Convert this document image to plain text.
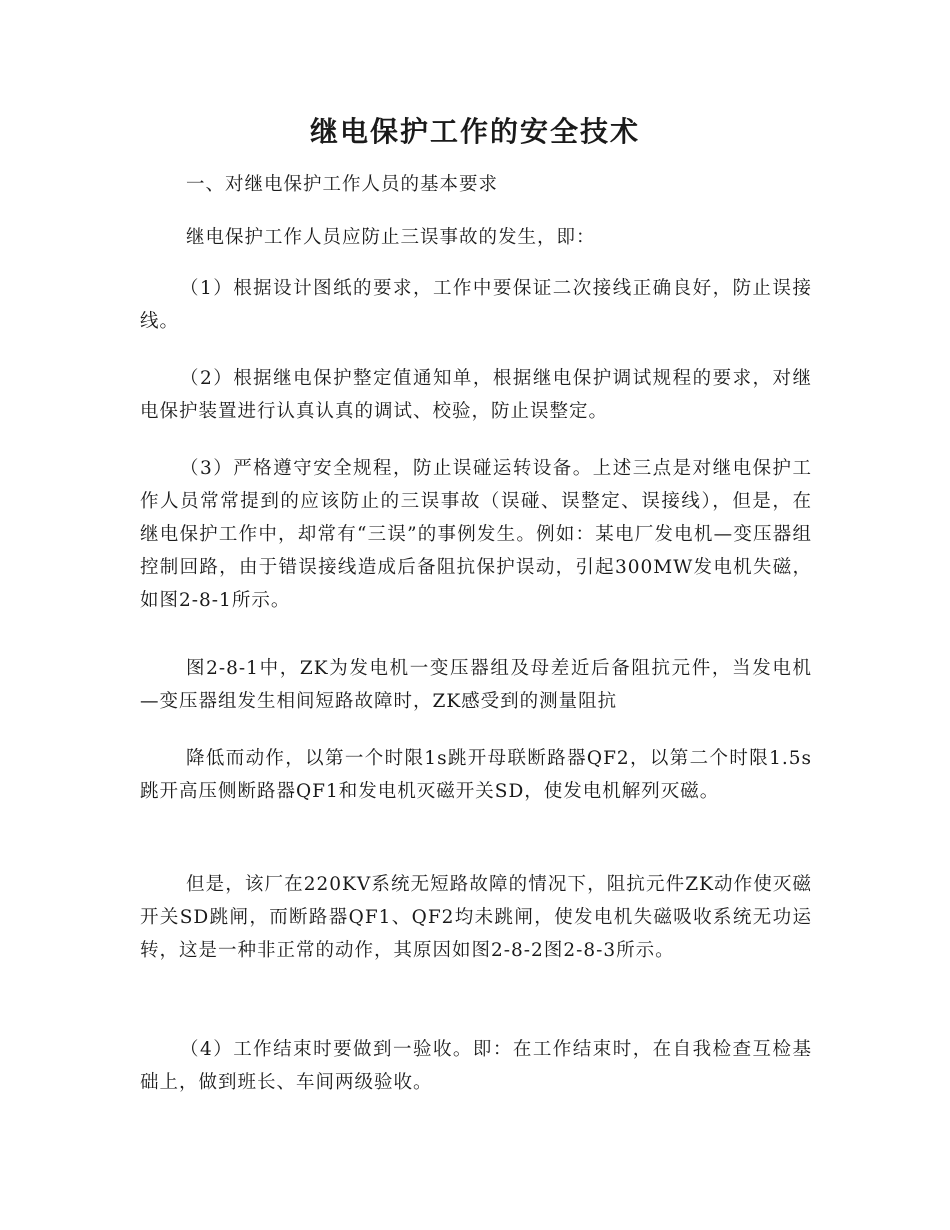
继电保护工作的安全技术

一、对继电保护工作人员的基本要求

继电保护工作人员应防止三误事故的发生，即：

（1）根据设计图纸的要求，工作中要保证二次接线正确良好，防止误接线。

（2）根据继电保护整定值通知单，根据继电保护调试规程的要求，对继电保护装置进行认真认真的调试、校验，防止误整定。

（3）严格遵守安全规程，防止误碰运转设备。上述三点是对继电保护工作人员常常提到的应该防止的三误事故（误碰、误整定、误接线），但是，在继电保护工作中，却常有“三误”的事例发生。例如：某电厂发电机—变压器组控制回路，由于错误接线造成后备阻抗保护误动，引起300MW发电机失磁，如图2-8-1所示。

图2-8-1中，ZK为发电机一变压器组及母差近后备阻抗元件，当发电机—变压器组发生相间短路故障时，ZK感受到的测量阻抗

降低而动作，以第一个时限1s跳开母联断路器QF2，以第二个时限1.5s跳开高压侧断路器QF1和发电机灭磁开关SD，使发电机解列灭磁。

但是，该厂在220KV系统无短路故障的情况下，阻抗元件ZK动作使灭磁开关SD跳闸，而断路器QF1、QF2均未跳闸，使发电机失磁吸收系统无功运转，这是一种非正常的动作，其原因如图2-8-2图2-8-3所示。

（4）工作结束时要做到一验收。即：在工作结束时，在自我检查互检基础上，做到班长、车间两级验收。
